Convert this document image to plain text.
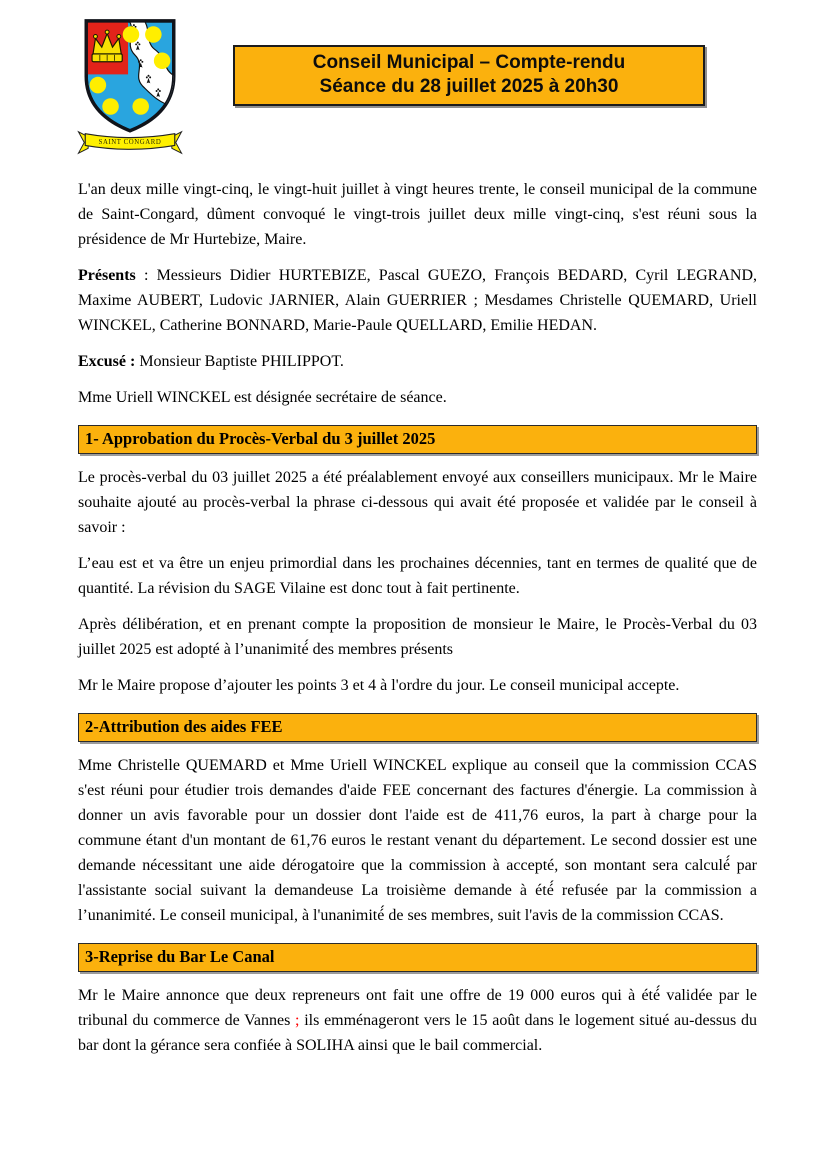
SAINT CONGARD
Conseil Municipal – Compte-rendu
Séance du 28 juillet 2025 à 20h30

L'an deux mille vingt-cinq, le vingt-huit juillet à vingt heures trente, le conseil municipal de la commune de Saint-Congard, dûment convoqué le vingt-trois juillet deux mille vingt-cinq, s'est réuni sous la présidence de Mr Hurtebize, Maire.

Présents : Messieurs Didier HURTEBIZE, Pascal GUEZO, François BEDARD, Cyril LEGRAND, Maxime AUBERT, Ludovic JARNIER, Alain GUERRIER ; Mesdames Christelle QUEMARD, Uriell WINCKEL, Catherine BONNARD, Marie-Paule QUELLARD, Emilie HEDAN.

Excusé : Monsieur Baptiste PHILIPPOT.

Mme Uriell WINCKEL est désignée secrétaire de séance.

1- Approbation du Procès-Verbal du 3 juillet 2025

Le procès-verbal du 03 juillet 2025 a été préalablement envoyé aux conseillers municipaux. Mr le Maire souhaite ajouté au procès-verbal la phrase ci-dessous qui avait été proposée et validée par le conseil à savoir :

L’eau est et va être un enjeu primordial dans les prochaines décennies, tant en termes de qualité que de quantité. La révision du SAGE Vilaine est donc tout à fait pertinente.

Après délibération, et en prenant compte la proposition de monsieur le Maire, le Procès-Verbal du 03 juillet 2025 est adopté à l’unanimité́ des membres présents

Mr le Maire propose d’ajouter les points 3 et 4 à l'ordre du jour. Le conseil municipal accepte.

2-Attribution des aides FEE

Mme Christelle QUEMARD et Mme Uriell WINCKEL explique au conseil que la commission CCAS s'est réuni pour étudier trois demandes d'aide FEE concernant des factures d'énergie. La commission à donner un avis favorable pour un dossier dont l'aide est de 411,76 euros, la part à charge pour la commune étant d'un montant de 61,76 euros le restant venant du département. Le second dossier est une demande nécessitant une aide dérogatoire que la commission à accepté, son montant sera calculé́ par l'assistante social suivant la demandeuse La troisième demande à été́ refusée par la commission a l’unanimité. Le conseil municipal, à l'unanimité́ de ses membres, suit l'avis de la commission CCAS.

3-Reprise du Bar Le Canal

Mr le Maire annonce que deux repreneurs ont fait une offre de 19 000 euros qui à été́ validée par le tribunal du commerce de Vannes ; ils emménageront vers le 15 août dans le logement situé au-dessus du bar dont la gérance sera confiée à SOLIHA ainsi que le bail commercial.
